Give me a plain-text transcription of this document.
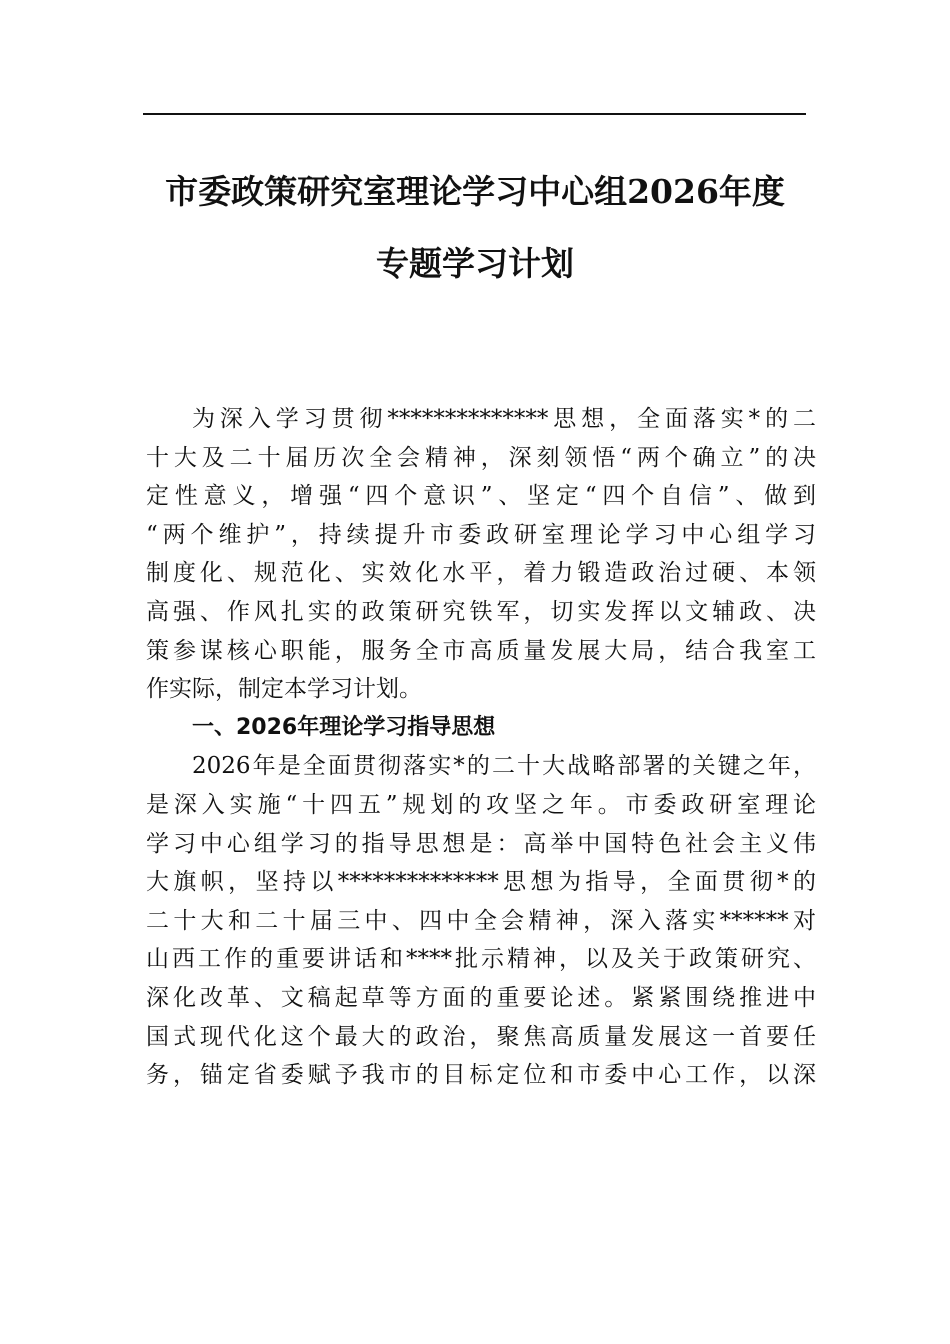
市委政策研究室理论学习中心组2026年度
专题学习计划
为深入学习贯彻**************思想，全面落实*的二
十大及二十届历次全会精神，深刻领悟“两个确立”的决
定性意义，增强“四个意识”、坚定“四个自信”、做到
“两个维护”，持续提升市委政研室理论学习中心组学习
制度化、规范化、实效化水平，着力锻造政治过硬、本领
高强、作风扎实的政策研究铁军，切实发挥以文辅政、决
策参谋核心职能，服务全市高质量发展大局，结合我室工
作实际，制定本学习计划。
一、2026年理论学习指导思想
2026年是全面贯彻落实*的二十大战略部署的关键之年，
是深入实施“十四五”规划的攻坚之年。市委政研室理论
学习中心组学习的指导思想是：高举中国特色社会主义伟
大旗帜，坚持以**************思想为指导，全面贯彻*的
二十大和二十届三中、四中全会精神，深入落实******对
山西工作的重要讲话和****批示精神，以及关于政策研究、
深化改革、文稿起草等方面的重要论述。紧紧围绕推进中
国式现代化这个最大的政治，聚焦高质量发展这一首要任
务，锚定省委赋予我市的目标定位和市委中心工作，以深
